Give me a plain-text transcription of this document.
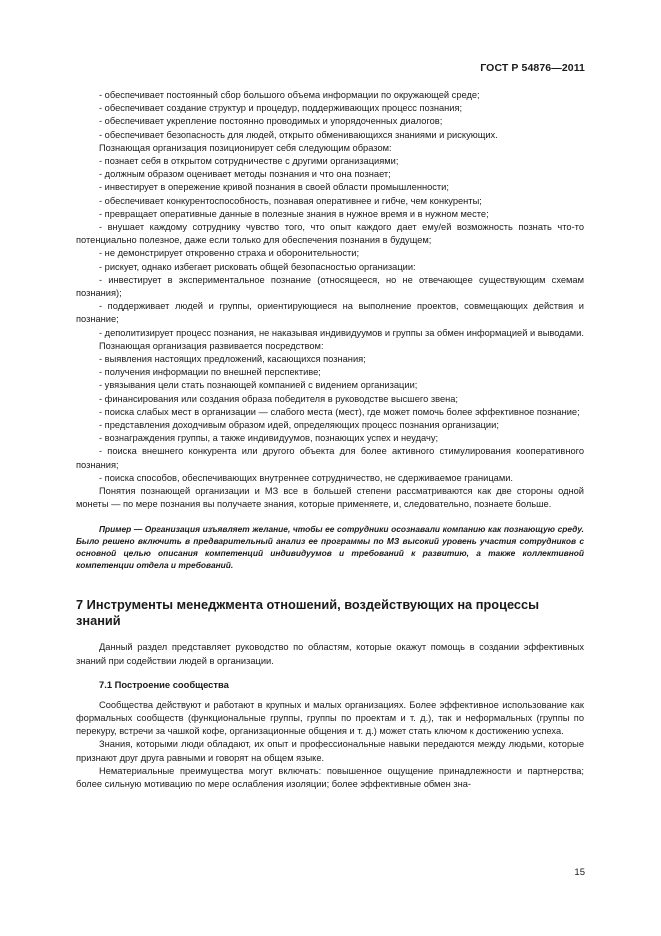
ГОСТ Р 54876—2011

- обеспечивает постоянный сбор большого объема информации по окружающей среде;

- обеспечивает создание структур и процедур, поддерживающих процесс познания;

- обеспечивает укрепление постоянно проводимых и упорядоченных диалогов;

- обеспечивает безопасность для людей, открыто обменивающихся знаниями и рискующих.

Познающая организация позиционирует себя следующим образом:

- познает себя в открытом сотрудничестве с другими организациями;

- должным образом оценивает методы познания и что она познает;

- инвестирует в опережение кривой познания в своей области промышленности;

- обеспечивает конкурентоспособность, познавая оперативнее и гибче, чем конкуренты;

- превращает оперативные данные в полезные знания в нужное время и в нужном месте;

- внушает каждому сотруднику чувство того, что опыт каждого дает ему/ей возможность познать что-то потенциально полезное, даже если только для обеспечения познания в будущем;

- не демонстрирует откровенно страха и оборонительности;

- рискует, однако избегает рисковать общей безопасностью организации:

- инвестирует в экспериментальное познание (относящееся, но не отвечающее существующим схемам познания);

- поддерживает людей и группы, ориентирующиеся на выполнение проектов, совмещающих действия и познание;

- деполитизирует процесс познания, не наказывая индивидуумов и группы за обмен информацией и выводами.

Познающая организация развивается посредством:

- выявления настоящих предложений, касающихся познания;

- получения информации по внешней перспективе;

- увязывания цели стать познающей компанией с видением организации;

- финансирования или создания образа победителя в руководстве высшего звена;

- поиска слабых мест в организации — слабого места (мест), где может помочь более эффективное познание;

- представления доходчивым образом идей, определяющих процесс познания организации;

- вознаграждения группы, а также индивидуумов, познающих успех и неудачу;

- поиска внешнего конкурента или другого объекта для более активного стимулирования кооперативного познания;

- поиска способов, обеспечивающих внутреннее сотрудничество, не сдерживаемое границами.

Понятия познающей организации и МЗ все в большей степени рассматриваются как две стороны одной монеты — по мере познания вы получаете знания, которые применяете, и, следовательно, познаете больше.

Пример — Организация изъявляет желание, чтобы ее сотрудники осознавали компанию как познающую среду. Было решено включить в предварительный анализ ее программы по МЗ высокий уровень участия сотрудников с основной целью описания компетенций индивидуумов и требований к развитию, а также коллективной компетенции отдела и требований.

7 Инструменты менеджмента отношений, воздействующих на процессы знаний

Данный раздел представляет руководство по областям, которые окажут помощь в создании эффективных знаний при содействии людей в организации.

7.1 Построение сообщества

Сообщества действуют и работают в крупных и малых организациях. Более эффективное использование как формальных сообществ (функциональные группы, группы по проектам и т. д.), так и неформальных (группы по перекуру, встречи за чашкой кофе, организационные общения и т. д.) может стать ключом к достижению успеха.

Знания, которыми люди обладают, их опыт и профессиональные навыки передаются между людьми, которые признают друг друга равными и говорят на общем языке.

Нематериальные преимущества могут включать: повышенное ощущение принадлежности и партнерства; более сильную мотивацию по мере ослабления изоляции; более эффективные обмен зна-

15
